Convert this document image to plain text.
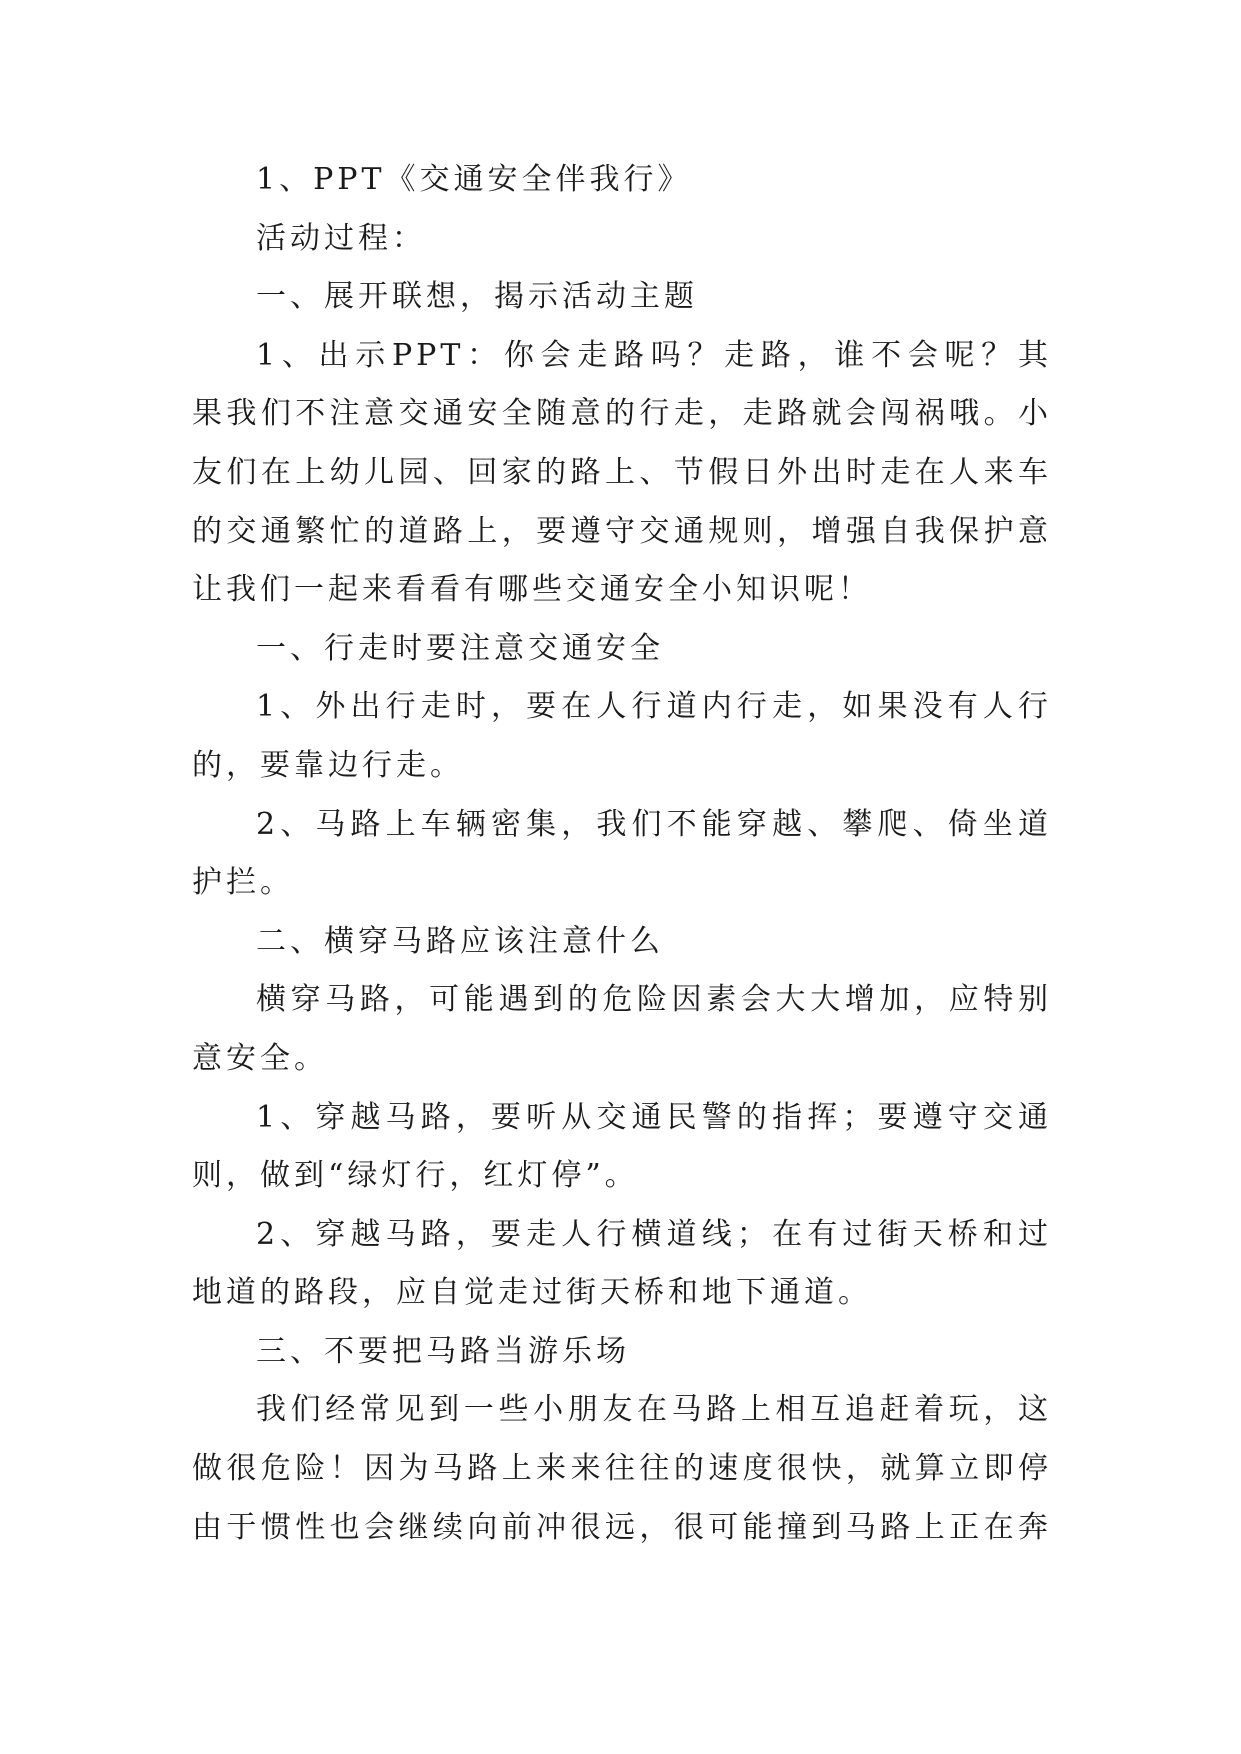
1、PPT《交通安全伴我行》
活动过程：
一、展开联想，揭示活动主题
1、出示PPT：你会走路吗？走路，谁不会呢？其
果我们不注意交通安全随意的行走，走路就会闯祸哦。小
友们在上幼儿园、回家的路上、节假日外出时走在人来车
的交通繁忙的道路上，要遵守交通规则，增强自我保护意
让我们一起来看看有哪些交通安全小知识呢！
一、行走时要注意交通安全
1、外出行走时，要在人行道内行走，如果没有人行
的，要靠边行走。
2、马路上车辆密集，我们不能穿越、攀爬、倚坐道
护拦。
二、横穿马路应该注意什么
横穿马路，可能遇到的危险因素会大大增加，应特别
意安全。
1、穿越马路，要听从交通民警的指挥；要遵守交通
则，做到“绿灯行，红灯停”。
2、穿越马路，要走人行横道线；在有过街天桥和过
地道的路段，应自觉走过街天桥和地下通道。
三、不要把马路当游乐场
我们经常见到一些小朋友在马路上相互追赶着玩，这
做很危险！因为马路上来来往往的速度很快，就算立即停
由于惯性也会继续向前冲很远，很可能撞到马路上正在奔
